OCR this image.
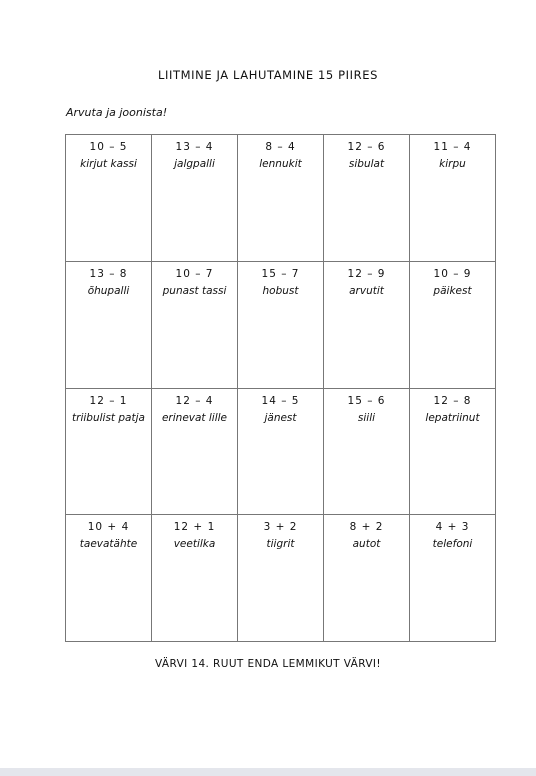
LIITMINE JA LAHUTAMINE 15 PIIRES
Arvuta ja joonista!
10 – 5
kirjut kassi
13 – 4
jalgpalli
8 – 4
lennukit
12 – 6
sibulat
11 – 4
kirpu
13 – 8
õhupalli
10 – 7
punast tassi
15 – 7
hobust
12 – 9
arvutit
10 – 9
päikest
12 – 1
triibulist patja
12 – 4
erinevat lille
14 – 5
jänest
15 – 6
siili
12 – 8
lepatriinut
10 + 4
taevatähte
12 + 1
veetilka
3 + 2
tiigrit
8 + 2
autot
4 + 3
telefoni
VÄRVI 14. RUUT ENDA LEMMIKUT VÄRVI!
